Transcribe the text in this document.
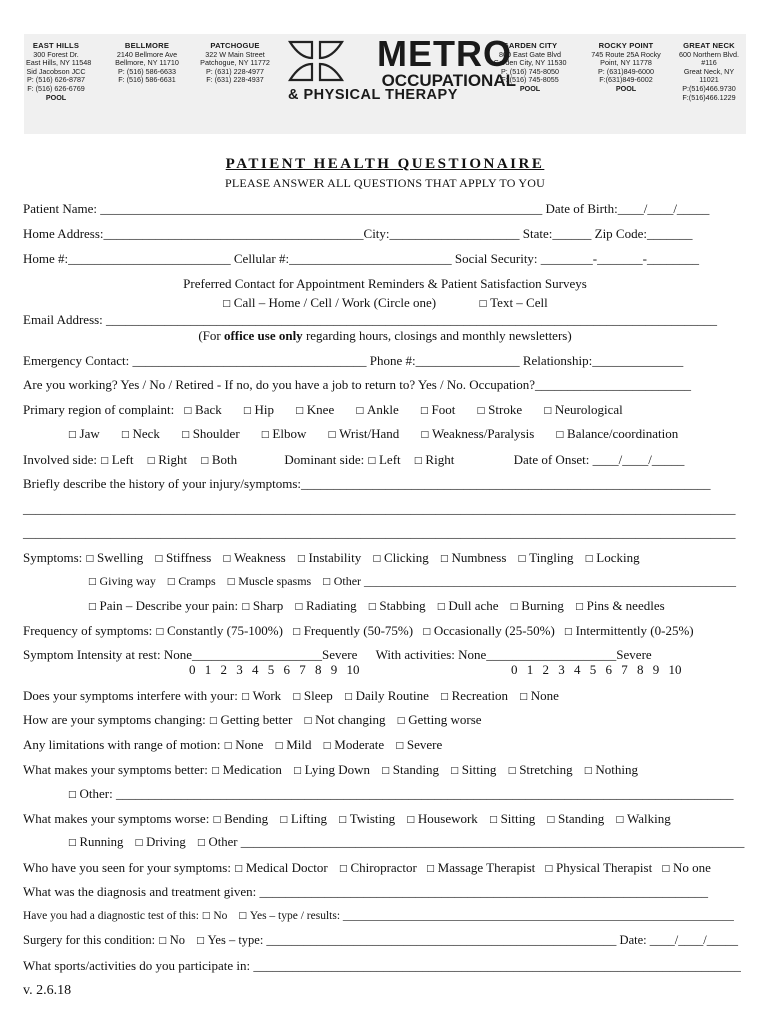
EAST HILLS
300 Forest Dr.
East Hills, NY 11548
Sid Jacobson JCC
P: (516) 626-8787
F: (516) 626-6769
POOL
BELLMORE
2140 Bellmore Ave
Bellmore, NY 11710
P: (516) 586-6633
F: (516) 586-6631
PATCHOGUE
322 W Main Street
Patchogue, NY 11772
P: (631) 228-4977
F: (631) 228-4937
METRO
OCCUPATIONAL
& PHYSICAL THERAPY
GARDEN CITY
800 East Gate Blvd
Garden City, NY 11530
P: (516) 745-8050
F: (516) 745-8055
POOL
ROCKY POINT
745 Route 25A Rocky
Point, NY 11778
P: (631)849-6000
F:(631)849-6002
POOL
GREAT NECK
600 Northern Blvd.
#116
Great Neck, NY
11021
P:(516)466.9730
F:(516)466.1229
PATIENT HEALTH QUESTIONAIRE
PLEASE ANSWER ALL QUESTIONS THAT APPLY TO YOU
Patient Name: ____________________________________________________________________ Date of Birth:____/____/_____
Home Address:________________________________________City:____________________ State:______ Zip Code:_______
Home #:_________________________ Cellular #:_________________________ Social Security: ________-_______-________
Preferred Contact for Appointment Reminders & Patient Satisfaction Surveys
□ Call – Home / Cell / Work (Circle one)	□ Text – Cell
Email Address: ______________________________________________________________________________________________
(For office use only regarding hours, closings and monthly newsletters)
Emergency Contact: ____________________________________ Phone #:________________ Relationship:______________
Are you working? Yes / No / Retired - If no, do you have a job to return to? Yes / No. Occupation?________________________
Primary region of complaint: □ Back □ Hip □ Knee □ Ankle □ Foot □ Stroke □ Neurological
□ Jaw □ Neck □ Shoulder □ Elbow □ Wrist/Hand □ Weakness/Paralysis □ Balance/coordination
Involved side: □ Left □ Right □ Both	Dominant side: □ Left □ Right	Date of Onset: ____/____/_____
Briefly describe the history of your injury/symptoms:_______________________________________________________________
__________________________________________________________________________________________________________________
__________________________________________________________________________________________________________________
Symptoms: □ Swelling □ Stiffness □ Weakness □ Instability □ Clicking □ Numbness □ Tingling □ Locking
□ Giving way □ Cramps □ Muscle spasms □ Other ______________________________________________________________
□ Pain – Describe your pain: □ Sharp □ Radiating □ Stabbing □ Dull ache □ Burning □ Pins & needles
Frequency of symptoms: □ Constantly (75-100%) □ Frequently (50-75%) □ Occasionally (25-50%) □ Intermittently (0-25%)
Symptom Intensity at rest: None____________________Severe With activities: None____________________Severe
0 1 2 3 4 5 6 7 8 9 10	0 1 2 3 4 5 6 7 8 9 10
Does your symptoms interfere with your: □ Work □ Sleep □ Daily Routine □ Recreation □ None
How are your symptoms changing: □ Getting better □ Not changing □ Getting worse
Any limitations with range of motion: □ None □ Mild □ Moderate □ Severe
What makes your symptoms better: □ Medication □ Lying Down □ Standing □ Sitting □ Stretching □ Nothing
□ Other: _______________________________________________________________________________________________
What makes your symptoms worse: □ Bending □ Lifting □ Twisting □ Housework □ Sitting □ Standing □ Walking
□ Running □ Driving □ Other _______________________________________________________________________________
Who have you seen for your symptoms: □ Medical Doctor □ Chiropractor □ Massage Therapist □ Physical Therapist □ No one
What was the diagnosis and treatment given: _____________________________________________________________________
Have you had a diagnostic test of this: □ No □ Yes – type / results: ____________________________________________________________________
Surgery for this condition: □ No □ Yes – type: ________________________________________________________ Date: ____/____/_____
What sports/activities do you participate in: ___________________________________________________________________________
v. 2.6.18
